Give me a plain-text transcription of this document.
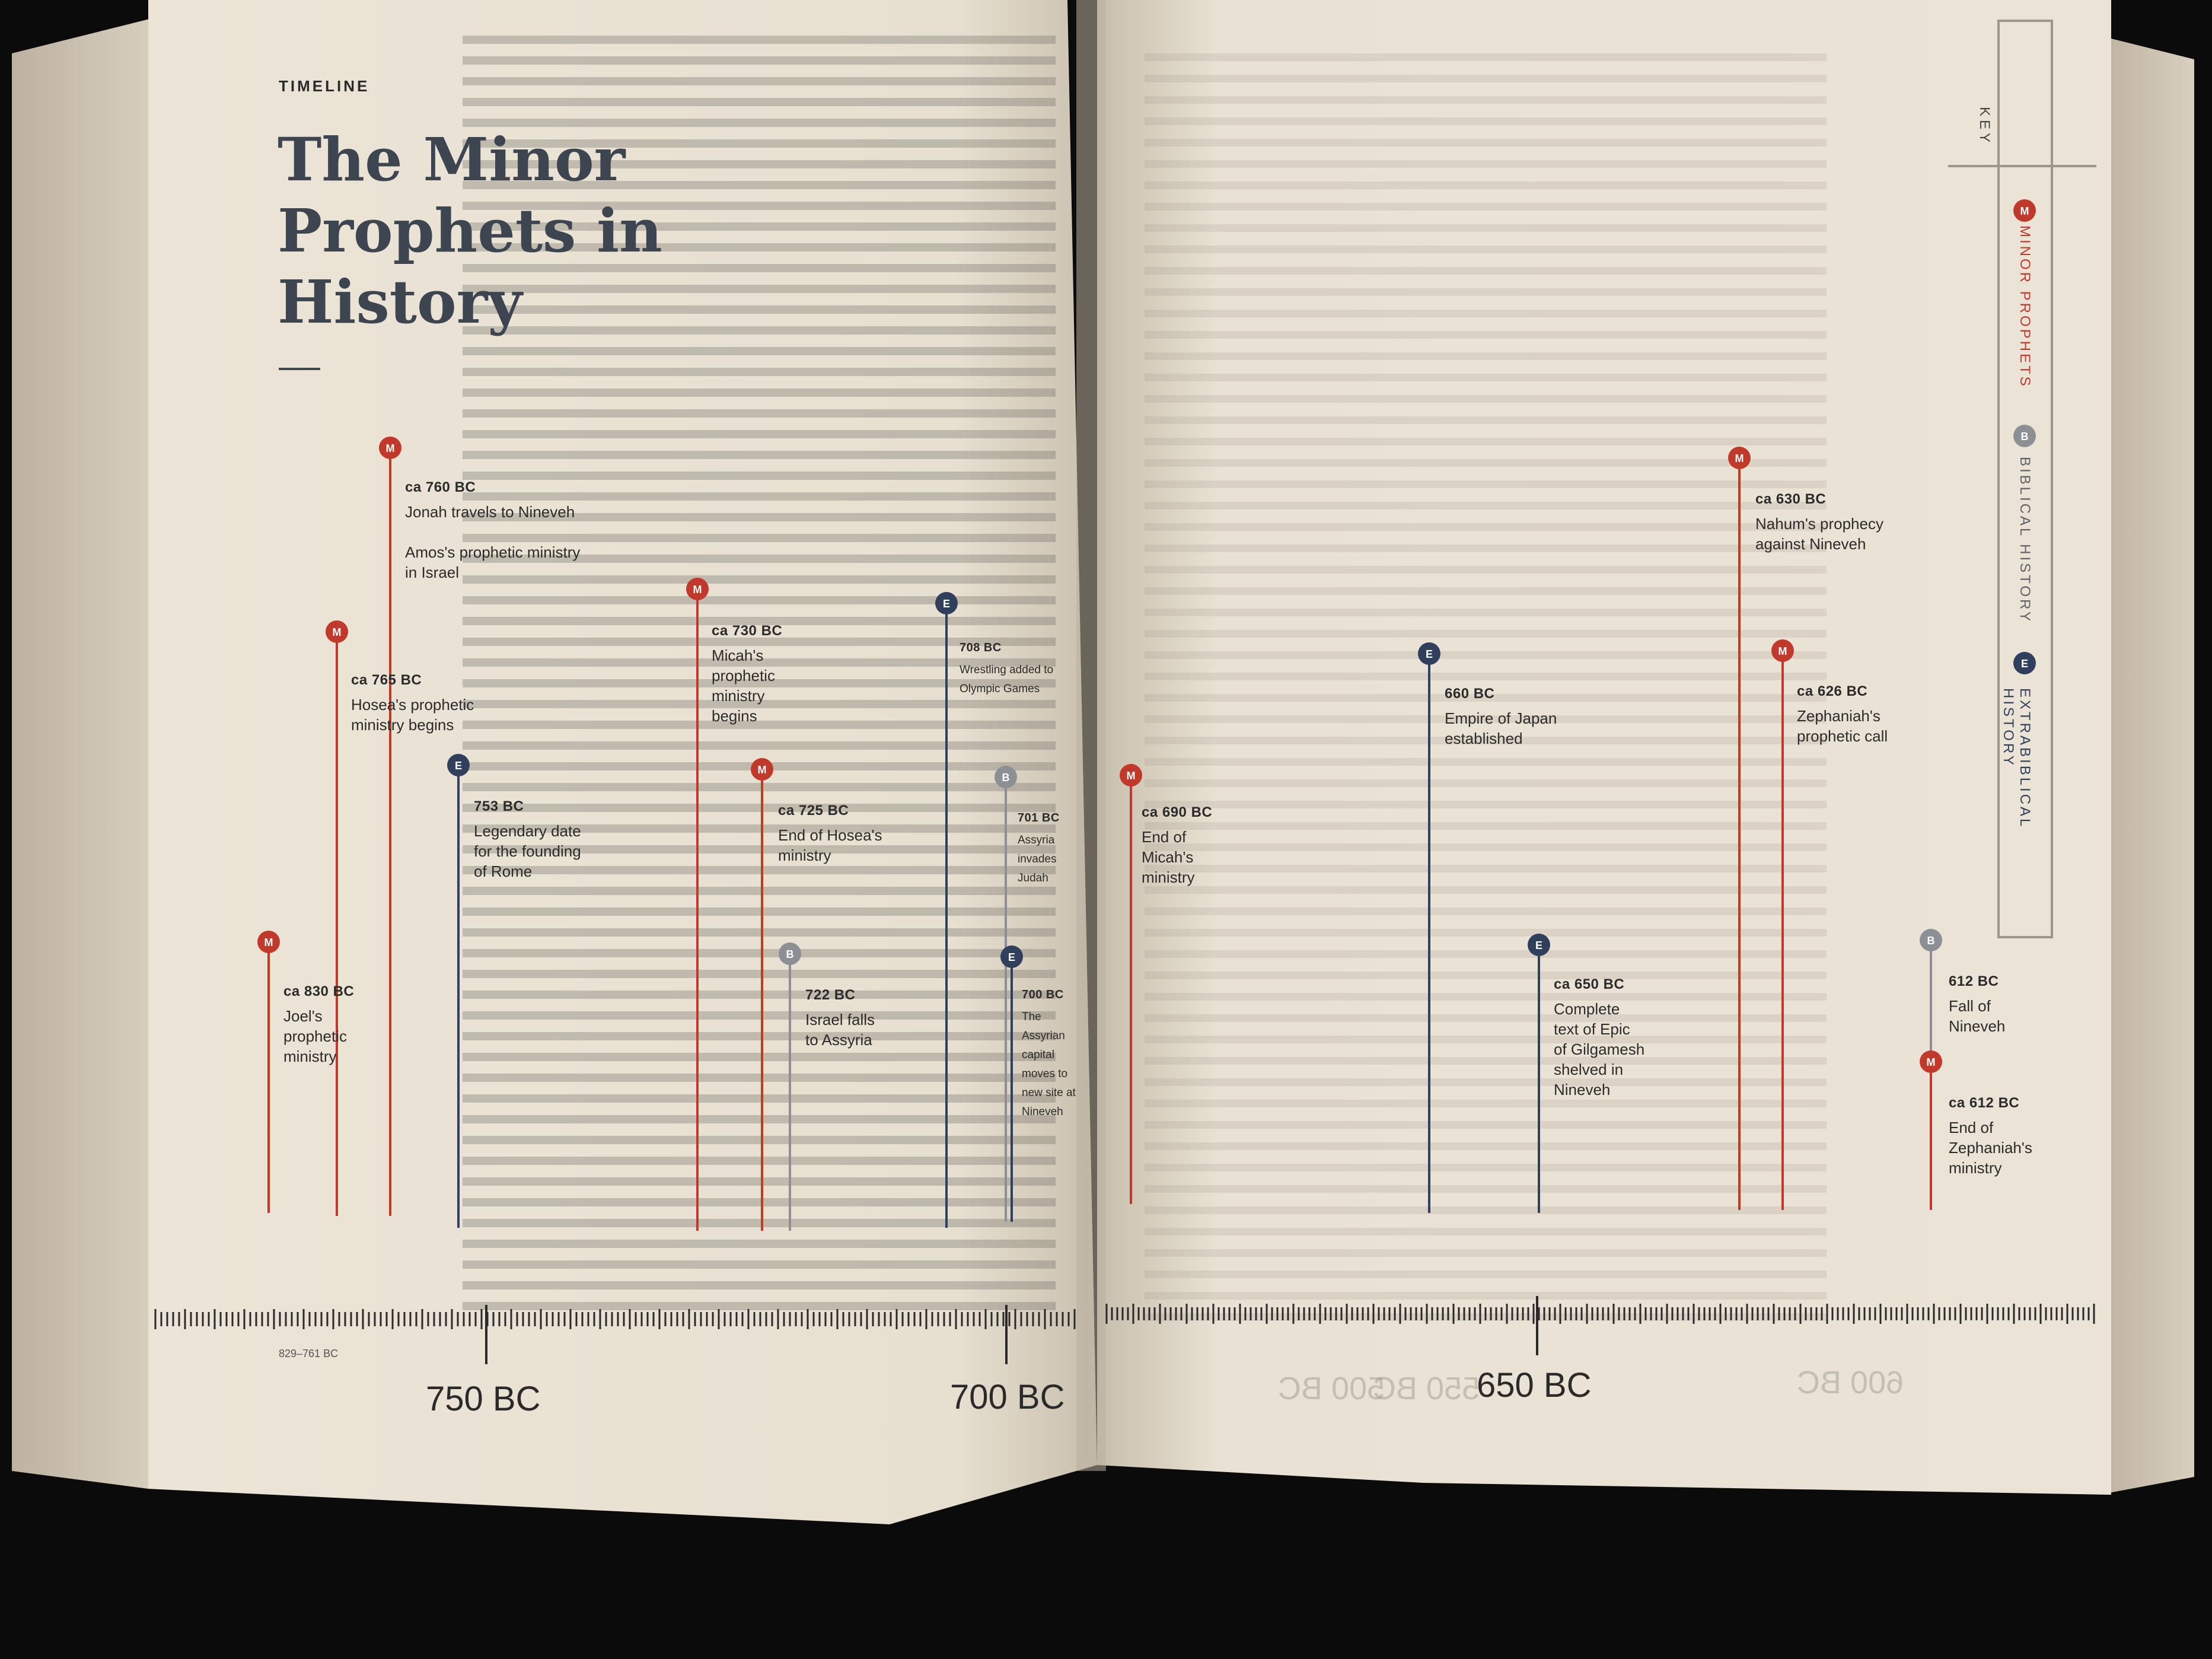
M
M
M
E
M
M
B
E
B
E
M
E
E
M
M
B
M
M
B
E
TIMELINE
The Minor
Prophets in
History
829–761 BC
750 BC	700 BC	650 BC
500 BC
550 BC	600 BC
KEY
MINOR PROPHETS
BIBLICAL HISTORY
EXTRABIBLICAL HISTORY

ca 830 BC
Joel's
prophetic
ministry

ca 765 BC
Hosea's prophetic
ministry begins

ca 760 BC
Jonah travels to Nineveh

Amos's prophetic ministry
in Israel

753 BC
Legendary date
for the founding
of Rome

ca 730 BC
Micah's
prophetic
ministry
begins

ca 725 BC
End of Hosea's
ministry

722 BC
Israel falls
to Assyria

708 BC
Wrestling added to
Olympic Games

701 BC
Assyria
invades
Judah

700 BC
The
Assyrian
capital
moves to
new site at
Nineveh

ca 690 BC
End of
Micah's
ministry

660 BC
Empire of Japan
established

ca 650 BC
Complete
text of Epic
of Gilgamesh
shelved in
Nineveh

ca 630 BC
Nahum's prophecy
against Nineveh

ca 626 BC
Zephaniah's
prophetic call

612 BC
Fall of
Nineveh

ca 612 BC
End of
Zephaniah's
ministry
